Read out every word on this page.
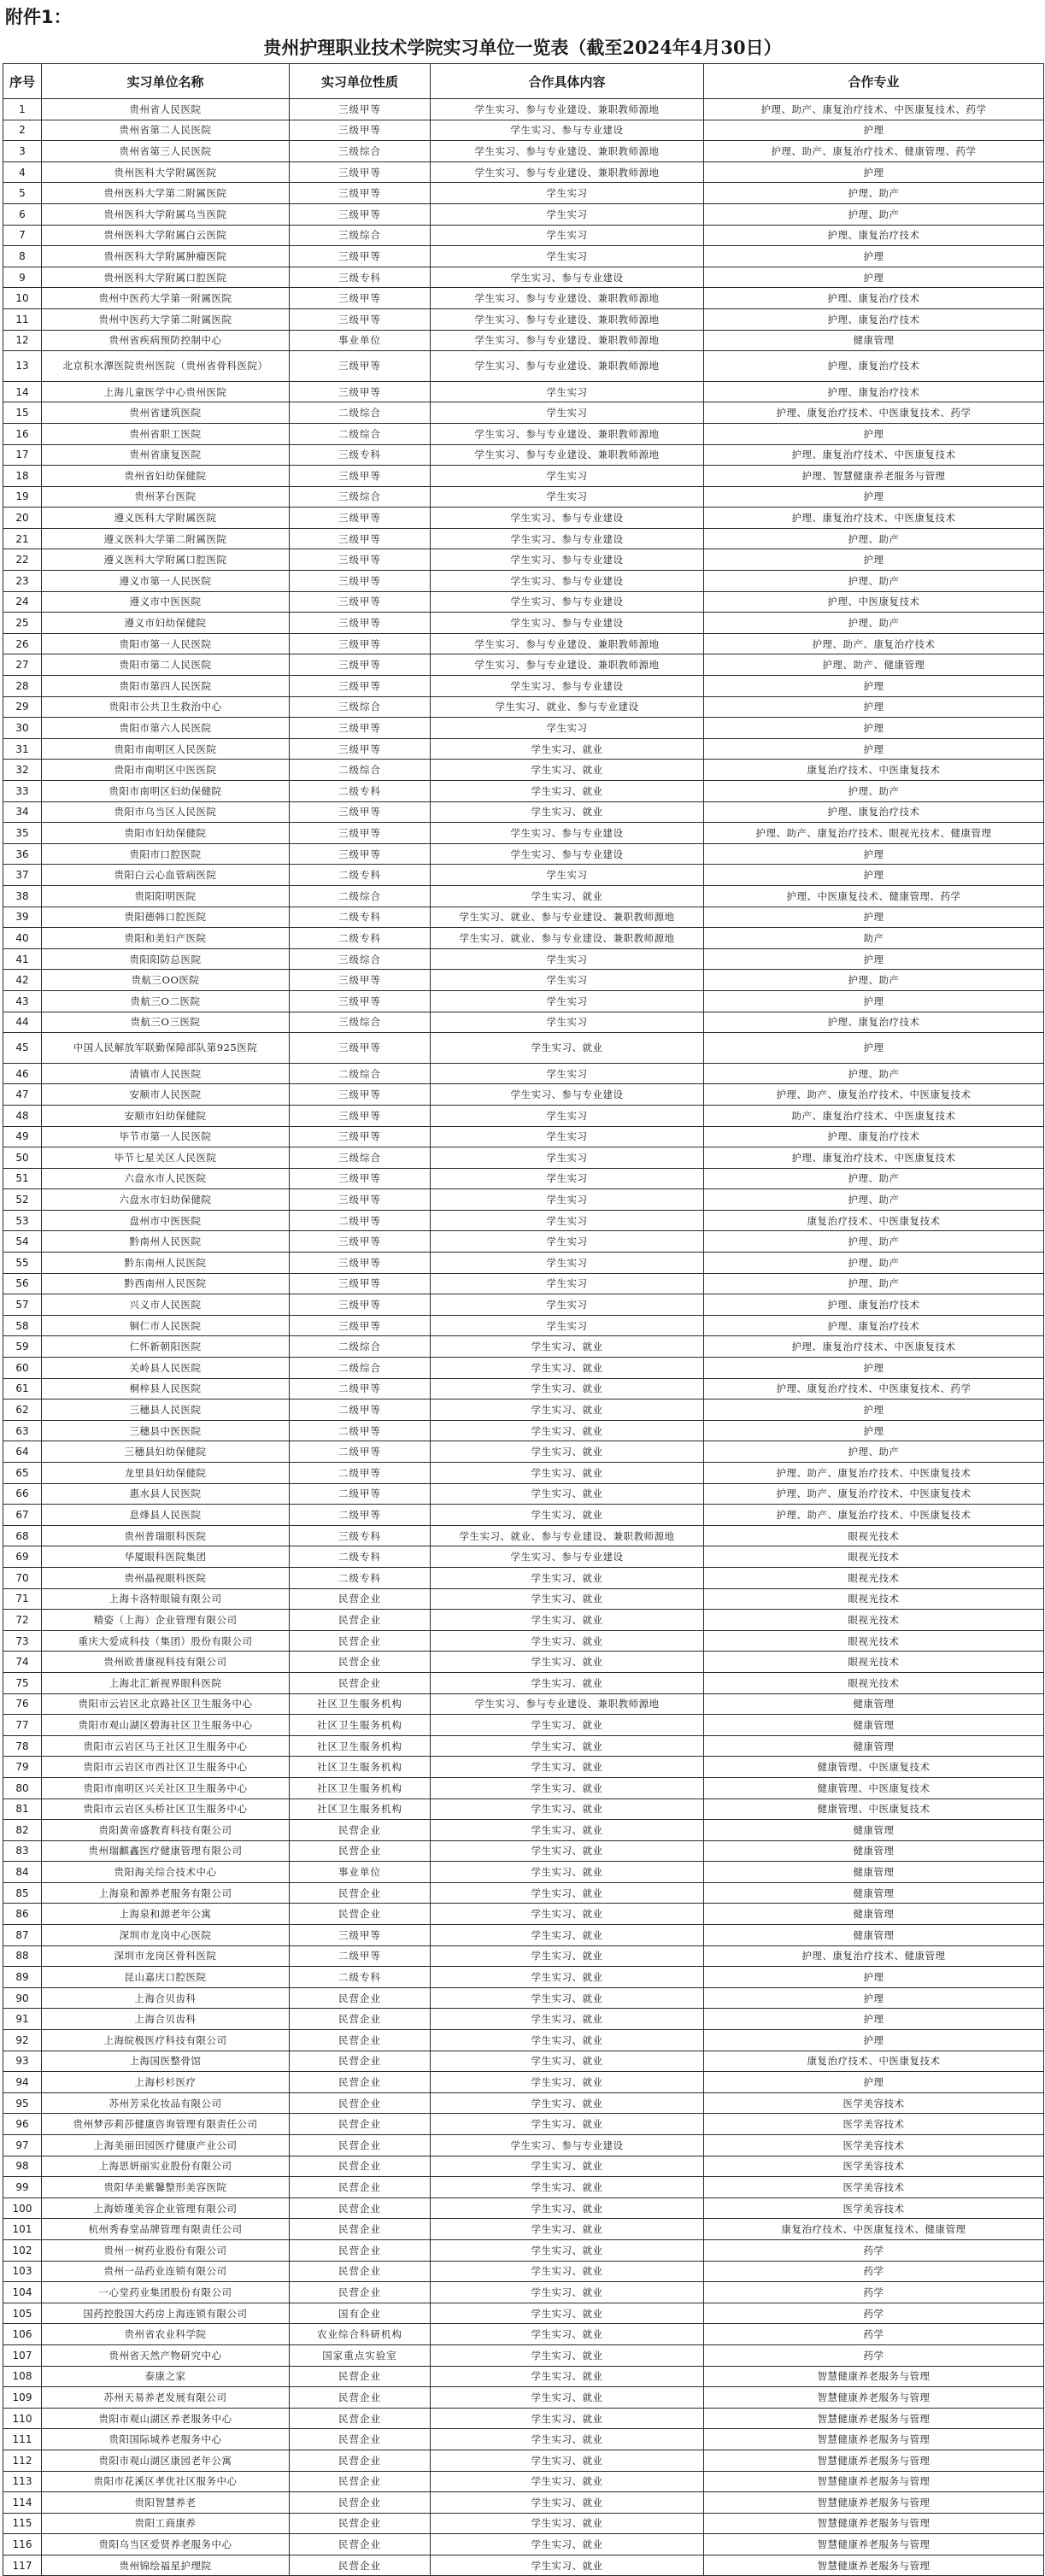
附件1：
贵州护理职业技术学院实习单位一览表（截至2024年4月30日）
序号	实习单位名称	实习单位性质	合作具体内容	合作专业
1	贵州省人民医院	三级甲等	学生实习、参与专业建设、兼职教师源地	护理、助产、康复治疗技术、中医康复技术、药学
2	贵州省第二人民医院	三级甲等	学生实习、参与专业建设	护理
3	贵州省第三人民医院	三级综合	学生实习、参与专业建设、兼职教师源地	护理、助产、康复治疗技术、健康管理、药学
4	贵州医科大学附属医院	三级甲等	学生实习、参与专业建设、兼职教师源地	护理
5	贵州医科大学第二附属医院	三级甲等	学生实习	护理、助产
6	贵州医科大学附属乌当医院	三级甲等	学生实习	护理、助产
7	贵州医科大学附属白云医院	三级综合	学生实习	护理、康复治疗技术
8	贵州医科大学附属肿瘤医院	三级甲等	学生实习	护理
9	贵州医科大学附属口腔医院	三级专科	学生实习、参与专业建设	护理
10	贵州中医药大学第一附属医院	三级甲等	学生实习、参与专业建设、兼职教师源地	护理、康复治疗技术
11	贵州中医药大学第二附属医院	三级甲等	学生实习、参与专业建设、兼职教师源地	护理、康复治疗技术
12	贵州省疾病预防控制中心	事业单位	学生实习、参与专业建设、兼职教师源地	健康管理
13	北京积水潭医院贵州医院（贵州省骨科医院）	三级甲等	学生实习、参与专业建设、兼职教师源地	护理、康复治疗技术
14	上海儿童医学中心贵州医院	三级甲等	学生实习	护理、康复治疗技术
15	贵州省建筑医院	二级综合	学生实习	护理、康复治疗技术、中医康复技术、药学
16	贵州省职工医院	二级综合	学生实习、参与专业建设、兼职教师源地	护理
17	贵州省康复医院	三级专科	学生实习、参与专业建设、兼职教师源地	护理、康复治疗技术、中医康复技术
18	贵州省妇幼保健院	三级甲等	学生实习	护理、智慧健康养老服务与管理
19	贵州茅台医院	三级综合	学生实习	护理
20	遵义医科大学附属医院	三级甲等	学生实习、参与专业建设	护理、康复治疗技术、中医康复技术
21	遵义医科大学第二附属医院	三级甲等	学生实习、参与专业建设	护理、助产
22	遵义医科大学附属口腔医院	三级甲等	学生实习、参与专业建设	护理
23	遵义市第一人民医院	三级甲等	学生实习、参与专业建设	护理、助产
24	遵义市中医医院	三级甲等	学生实习、参与专业建设	护理、中医康复技术
25	遵义市妇幼保健院	三级甲等	学生实习、参与专业建设	护理、助产
26	贵阳市第一人民医院	三级甲等	学生实习、参与专业建设、兼职教师源地	护理、助产、康复治疗技术
27	贵阳市第二人民医院	三级甲等	学生实习、参与专业建设、兼职教师源地	护理、助产、健康管理
28	贵阳市第四人民医院	三级甲等	学生实习、参与专业建设	护理
29	贵阳市公共卫生救治中心	三级综合	学生实习、就业、参与专业建设	护理
30	贵阳市第六人民医院	三级甲等	学生实习	护理
31	贵阳市南明区人民医院	三级甲等	学生实习、就业	护理
32	贵阳市南明区中医医院	二级综合	学生实习、就业	康复治疗技术、中医康复技术
33	贵阳市南明区妇幼保健院	二级专科	学生实习、就业	护理、助产
34	贵阳市乌当区人民医院	三级甲等	学生实习、就业	护理、康复治疗技术
35	贵阳市妇幼保健院	三级甲等	学生实习、参与专业建设	护理、助产、康复治疗技术、眼视光技术、健康管理
36	贵阳市口腔医院	三级甲等	学生实习、参与专业建设	护理
37	贵阳白云心血管病医院	二级专科	学生实习	护理
38	贵阳阳明医院	二级综合	学生实习、就业	护理、中医康复技术、健康管理、药学
39	贵阳德韩口腔医院	二级专科	学生实习、就业、参与专业建设、兼职教师源地	护理
40	贵阳和美妇产医院	二级专科	学生实习、就业、参与专业建设、兼职教师源地	助产
41	贵阳阳防总医院	三级综合	学生实习	护理
42	贵航三OO医院	三级甲等	学生实习	护理、助产
43	贵航三O二医院	三级甲等	学生实习	护理
44	贵航三O三医院	三级综合	学生实习	护理、康复治疗技术
45	中国人民解放军联勤保障部队第925医院	三级甲等	学生实习、就业	护理
46	清镇市人民医院	二级综合	学生实习	护理、助产
47	安顺市人民医院	三级甲等	学生实习、参与专业建设	护理、助产、康复治疗技术、中医康复技术
48	安顺市妇幼保健院	三级甲等	学生实习	助产、康复治疗技术、中医康复技术
49	毕节市第一人民医院	三级甲等	学生实习	护理、康复治疗技术
50	毕节七星关区人民医院	三级综合	学生实习	护理、康复治疗技术、中医康复技术
51	六盘水市人民医院	三级甲等	学生实习	护理、助产
52	六盘水市妇幼保健院	三级甲等	学生实习	护理、助产
53	盘州市中医医院	二级甲等	学生实习	康复治疗技术、中医康复技术
54	黔南州人民医院	三级甲等	学生实习	护理、助产
55	黔东南州人民医院	三级甲等	学生实习	护理、助产
56	黔西南州人民医院	三级甲等	学生实习	护理、助产
57	兴义市人民医院	三级甲等	学生实习	护理、康复治疗技术
58	铜仁市人民医院	三级甲等	学生实习	护理、康复治疗技术
59	仁怀新朝阳医院	二级综合	学生实习、就业	护理、康复治疗技术、中医康复技术
60	关岭县人民医院	二级综合	学生实习、就业	护理
61	桐梓县人民医院	二级甲等	学生实习、就业	护理、康复治疗技术、中医康复技术、药学
62	三穗县人民医院	二级甲等	学生实习、就业	护理
63	三穗县中医医院	二级甲等	学生实习、就业	护理
64	三穗县妇幼保健院	二级甲等	学生实习、就业	护理、助产
65	龙里县妇幼保健院	二级甲等	学生实习、就业	护理、助产、康复治疗技术、中医康复技术
66	惠水县人民医院	二级甲等	学生实习、就业	护理、助产、康复治疗技术、中医康复技术
67	息烽县人民医院	二级甲等	学生实习、就业	护理、助产、康复治疗技术、中医康复技术
68	贵州普瑞眼科医院	三级专科	学生实习、就业、参与专业建设、兼职教师源地	眼视光技术
69	华厦眼科医院集团	二级专科	学生实习、参与专业建设	眼视光技术
70	贵州晶视眼科医院	二级专科	学生实习、就业	眼视光技术
71	上海卡洛特眼镜有限公司	民营企业	学生实习、就业	眼视光技术
72	精姿（上海）企业管理有限公司	民营企业	学生实习、就业	眼视光技术
73	重庆大爱成科技（集团）股份有限公司	民营企业	学生实习、就业	眼视光技术
74	贵州欧普康视科技有限公司	民营企业	学生实习、就业	眼视光技术
75	上海北汇新视界眼科医院	民营企业	学生实习、就业	眼视光技术
76	贵阳市云岩区北京路社区卫生服务中心	社区卫生服务机构	学生实习、参与专业建设、兼职教师源地	健康管理
77	贵阳市观山湖区碧海社区卫生服务中心	社区卫生服务机构	学生实习、就业	健康管理
78	贵阳市云岩区马王社区卫生服务中心	社区卫生服务机构	学生实习、就业	健康管理
79	贵阳市云岩区市西社区卫生服务中心	社区卫生服务机构	学生实习、就业	健康管理、中医康复技术
80	贵阳市南明区兴关社区卫生服务中心	社区卫生服务机构	学生实习、就业	健康管理、中医康复技术
81	贵阳市云岩区头桥社区卫生服务中心	社区卫生服务机构	学生实习、就业	健康管理、中医康复技术
82	贵阳黄帝盛教育科技有限公司	民营企业	学生实习、就业	健康管理
83	贵州瑞麒鑫医疗健康管理有限公司	民营企业	学生实习、就业	健康管理
84	贵阳海关综合技术中心	事业单位	学生实习、就业	健康管理
85	上海泉和源养老服务有限公司	民营企业	学生实习、就业	健康管理
86	上海泉和源老年公寓	民营企业	学生实习、就业	健康管理
87	深圳市龙岗中心医院	三级甲等	学生实习、就业	健康管理
88	深圳市龙岗区骨科医院	二级甲等	学生实习、就业	护理、康复治疗技术、健康管理
89	昆山嘉庆口腔医院	二级专科	学生实习、就业	护理
90	上海合贝齿科	民营企业	学生实习、就业	护理
91	上海合贝齿科	民营企业	学生实习、就业	护理
92	上海皖极医疗科技有限公司	民营企业	学生实习、就业	护理
93	上海国医整骨馆	民营企业	学生实习、就业	康复治疗技术、中医康复技术
94	上海杉杉医疗	民营企业	学生实习、就业	护理
95	苏州芳采化妆品有限公司	民营企业	学生实习、就业	医学美容技术
96	贵州梦莎莉莎健康咨询管理有限责任公司	民营企业	学生实习、就业	医学美容技术
97	上海美丽田园医疗健康产业公司	民营企业	学生实习、参与专业建设	医学美容技术
98	上海思妍丽实业股份有限公司	民营企业	学生实习、就业	医学美容技术
99	贵阳华美紫馨整形美容医院	民营企业	学生实习、就业	医学美容技术
100	上海娇瑾美容企业管理有限公司	民营企业	学生实习、就业	医学美容技术
101	杭州秀春堂品牌管理有限责任公司	民营企业	学生实习、就业	康复治疗技术、中医康复技术、健康管理
102	贵州一树药业股份有限公司	民营企业	学生实习、就业	药学
103	贵州一品药业连锁有限公司	民营企业	学生实习、就业	药学
104	一心堂药业集团股份有限公司	民营企业	学生实习、就业	药学
105	国药控股国大药房上海连锁有限公司	国有企业	学生实习、就业	药学
106	贵州省农业科学院	农业综合科研机构	学生实习、就业	药学
107	贵州省天然产物研究中心	国家重点实验室	学生实习、就业	药学
108	泰康之家	民营企业	学生实习、就业	智慧健康养老服务与管理
109	苏州天易养老发展有限公司	民营企业	学生实习、就业	智慧健康养老服务与管理
110	贵阳市观山湖区养老服务中心	民营企业	学生实习、就业	智慧健康养老服务与管理
111	贵阳国际城养老服务中心	民营企业	学生实习、就业	智慧健康养老服务与管理
112	贵阳市观山湖区康园老年公寓	民营企业	学生实习、就业	智慧健康养老服务与管理
113	贵阳市花溪区孝优社区服务中心	民营企业	学生实习、就业	智慧健康养老服务与管理
114	贵阳智慧养老	民营企业	学生实习、就业	智慧健康养老服务与管理
115	贵阳工商康养	民营企业	学生实习、就业	智慧健康养老服务与管理
116	贵阳乌当区爱贤养老服务中心	民营企业	学生实习、就业	智慧健康养老服务与管理
117	贵州锦绘福星护理院	民营企业	学生实习、就业	智慧健康养老服务与管理
